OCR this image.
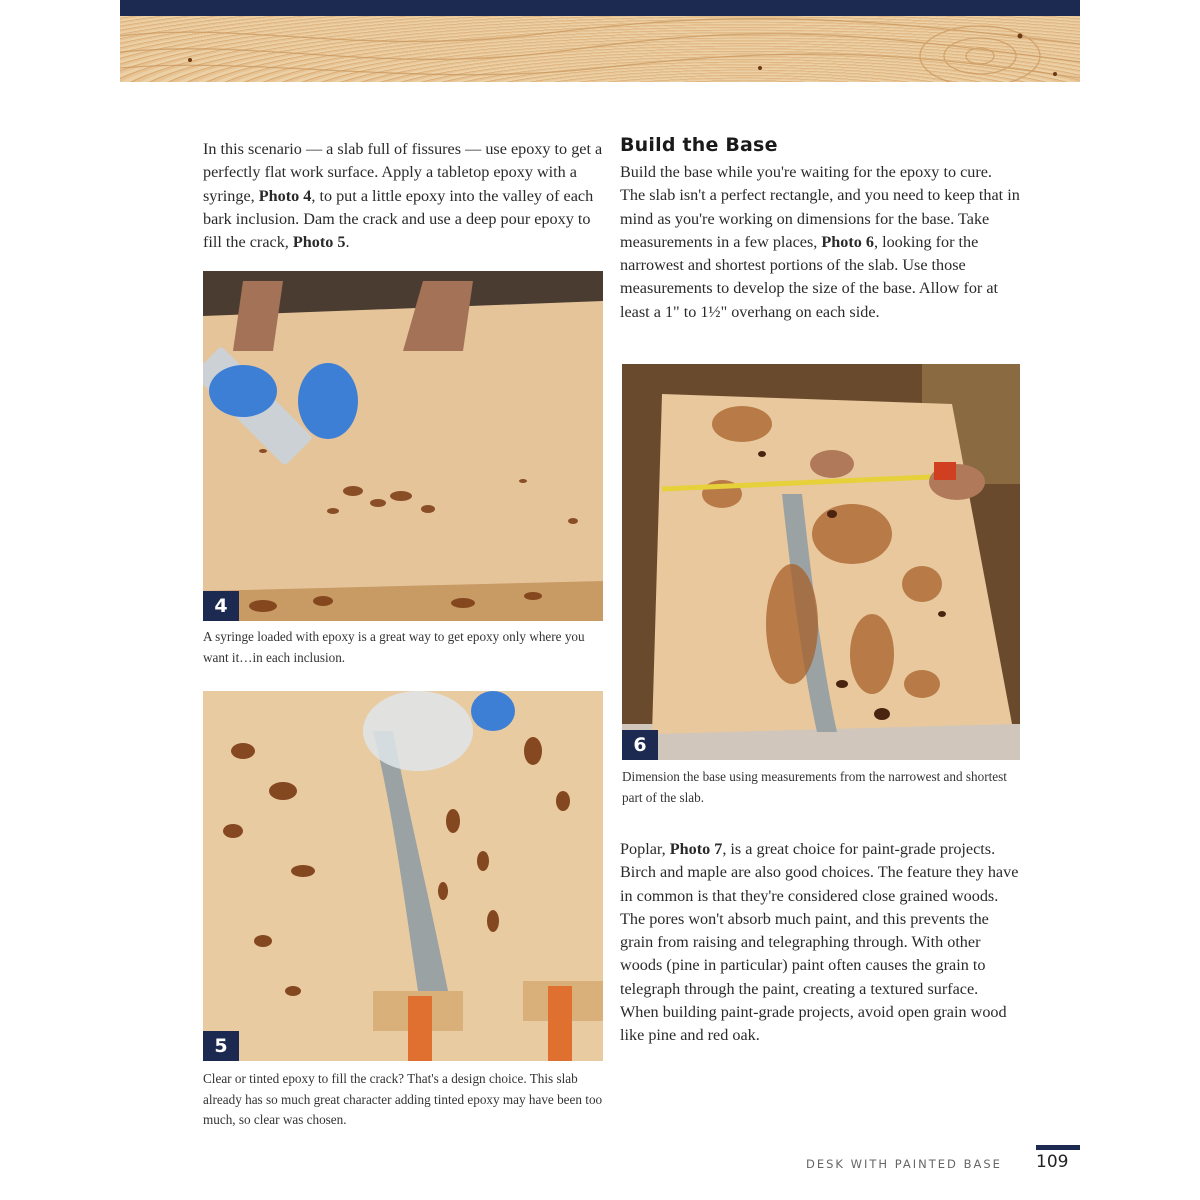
In this scenario — a slab full of fissures — use epoxy to get a perfectly flat work surface. Apply a tabletop epoxy with a syringe, Photo 4, to put a little epoxy into the valley of each bark inclusion. Dam the crack and use a deep pour epoxy to fill the crack, Photo 5.

4

A syringe loaded with epoxy is a great way to get epoxy only where you want it…in each inclusion.

5

Clear or tinted epoxy to fill the crack? That's a design choice. This slab already has so much great character adding tinted epoxy may have been too much, so clear was chosen.

Build the Base

Build the base while you're waiting for the epoxy to cure. The slab isn't a perfect rectangle, and you need to keep that in mind as you're working on dimensions for the base. Take measurements in a few places, Photo 6, looking for the narrowest and shortest portions of the slab. Use those measurements to develop the size of the base. Allow for at least a 1" to 1½" overhang on each side.

6

Dimension the base using measurements from the narrowest and shortest part of the slab.

Poplar, Photo 7, is a great choice for paint-grade projects. Birch and maple are also good choices. The feature they have in common is that they're considered close grained woods. The pores won't absorb much paint, and this prevents the grain from raising and telegraphing through. With other woods (pine in particular) paint often causes the grain to telegraph through the paint, creating a textured surface. When building paint-grade projects, avoid open grain wood like pine and red oak.

DESK WITH PAINTED BASE 109
